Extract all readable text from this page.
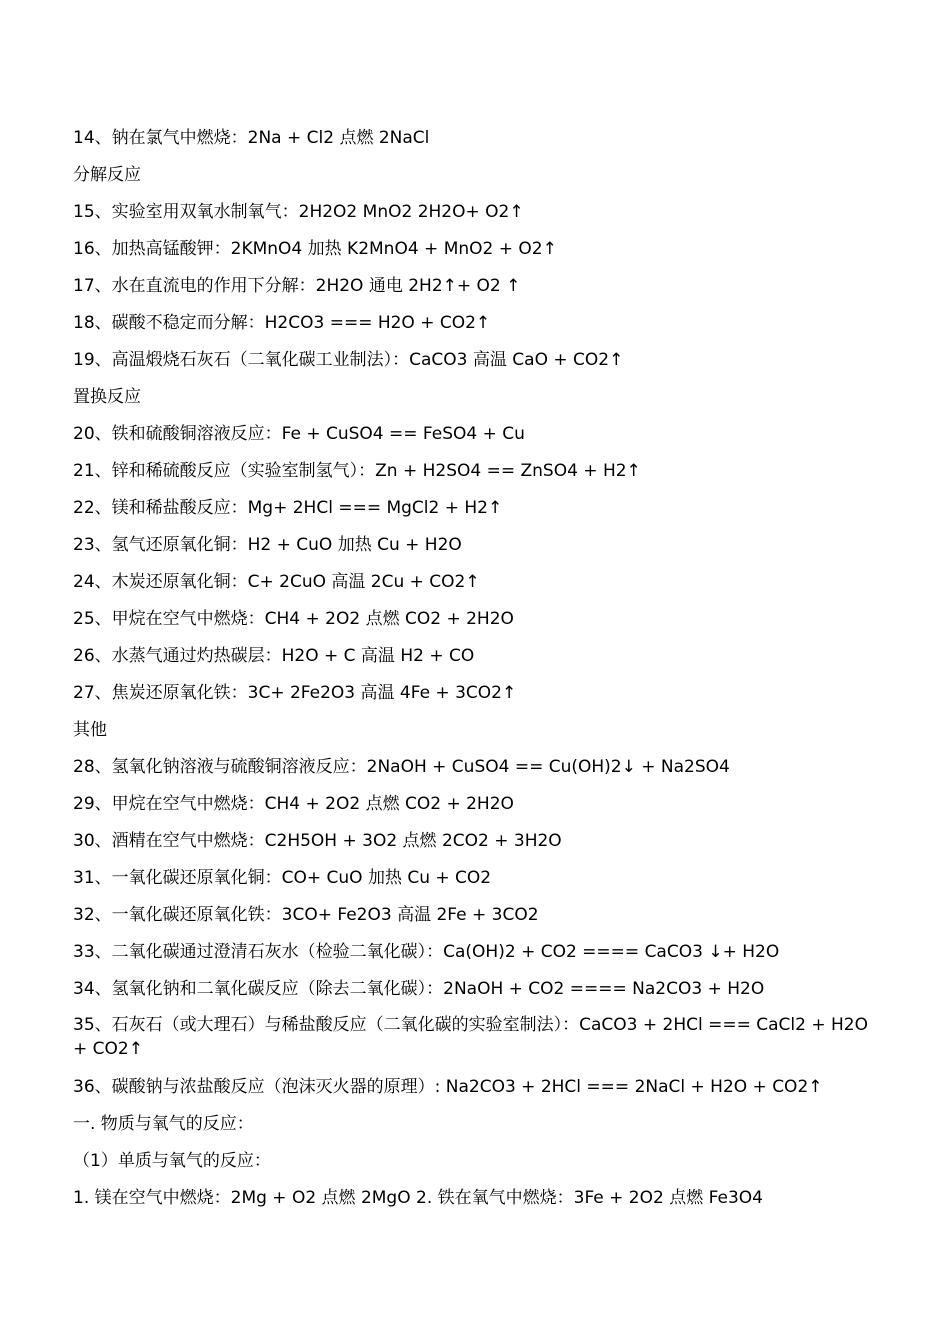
14、钠在氯气中燃烧：2Na + Cl2 点燃 2NaCl
分解反应
15、实验室用双氧水制氧气：2H2O2 MnO2 2H2O+ O2↑
16、加热高锰酸钾：2KMnO4 加热 K2MnO4 + MnO2 + O2↑
17、水在直流电的作用下分解：2H2O 通电 2H2↑+ O2 ↑
18、碳酸不稳定而分解：H2CO3 === H2O + CO2↑
19、高温煅烧石灰石（二氧化碳工业制法）：CaCO3 高温 CaO + CO2↑
置换反应
20、铁和硫酸铜溶液反应：Fe + CuSO4 == FeSO4 + Cu
21、锌和稀硫酸反应（实验室制氢气）：Zn + H2SO4 == ZnSO4 + H2↑
22、镁和稀盐酸反应：Mg+ 2HCl === MgCl2 + H2↑
23、氢气还原氧化铜：H2 + CuO 加热 Cu + H2O
24、木炭还原氧化铜：C+ 2CuO 高温 2Cu + CO2↑
25、甲烷在空气中燃烧：CH4 + 2O2 点燃 CO2 + 2H2O
26、水蒸气通过灼热碳层：H2O + C 高温 H2 + CO
27、焦炭还原氧化铁：3C+ 2Fe2O3 高温 4Fe + 3CO2↑
其他
28、氢氧化钠溶液与硫酸铜溶液反应：2NaOH + CuSO4 == Cu(OH)2↓ + Na2SO4
29、甲烷在空气中燃烧：CH4 + 2O2 点燃 CO2 + 2H2O
30、酒精在空气中燃烧：C2H5OH + 3O2 点燃 2CO2 + 3H2O
31、一氧化碳还原氧化铜：CO+ CuO 加热 Cu + CO2
32、一氧化碳还原氧化铁：3CO+ Fe2O3 高温 2Fe + 3CO2
33、二氧化碳通过澄清石灰水（检验二氧化碳）：Ca(OH)2 + CO2 ==== CaCO3 ↓+ H2O
34、氢氧化钠和二氧化碳反应（除去二氧化碳）：2NaOH + CO2 ==== Na2CO3 + H2O
35、石灰石（或大理石）与稀盐酸反应（二氧化碳的实验室制法）：CaCO3 + 2HCl === CaCl2 + H2O + CO2↑
36、碳酸钠与浓盐酸反应（泡沫灭火器的原理）: Na2CO3 + 2HCl === 2NaCl + H2O + CO2↑
一. 物质与氧气的反应：
（1）单质与氧气的反应：
1. 镁在空气中燃烧：2Mg + O2 点燃 2MgO 2. 铁在氧气中燃烧：3Fe + 2O2 点燃 Fe3O4
